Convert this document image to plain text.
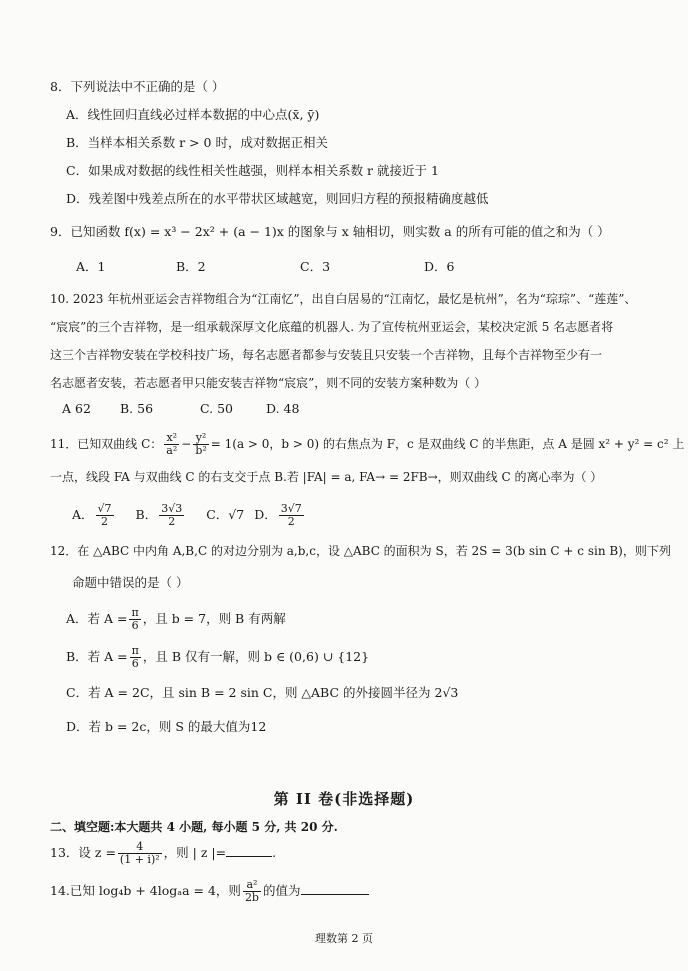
8．下列说法中不正确的是（ ）
A．线性回归直线必过样本数据的中心点(x̄, ȳ)
B．当样本相关系数 r > 0 时，成对数据正相关
C．如果成对数据的线性相关性越强，则样本相关系数 r 就接近于 1
D．残差图中残差点所在的水平带状区域越宽，则回归方程的预报精确度越低
9．已知函数 f(x) = x³ − 2x² + (a − 1)x 的图象与 x 轴相切，则实数 a 的所有可能的值之和为（ ）
A．1	B．2	C．3	D．6
10. 2023 年杭州亚运会吉祥物组合为“江南忆”，出自白居易的“江南忆，最忆是杭州”，名为“琮琮”、“莲莲”、
“宸宸”的三个吉祥物，是一组承载深厚文化底蕴的机器人. 为了宣传杭州亚运会，某校决定派 5 名志愿者将
这三个吉祥物安装在学校科技广场，每名志愿者都参与安装且只安装一个吉祥物，且每个吉祥物至少有一
名志愿者安装，若志愿者甲只能安装吉祥物“宸宸”，则不同的安装方案种数为（ ）
A 62 B. 56	C. 50	D. 48
11．已知双曲线 C： $\frac{\text{x²}}{\text{a²}} - \frac{\text{y²}}{\text{b²}} = 1(a > 0$，b > 0) 的右焦点为 F，c 是双曲线 C 的半焦距，点 A 是圆 x² + y² = c² 上
一点，线段 FA 与双曲线 C 的右支交于点 B.若 |FA| = a, FA→ = 2FB→，则双曲线 C 的离心率为（ ）
A． $\frac{√7}{2}$ B． $\frac{3√3}{2}$ C．√7 D． $\frac{3√7}{2}$
12．在 △ABC 中内角 A,B,C 的对边分别为 a,b,c，设 △ABC 的面积为 S，若 2S = 3(b sin C + c sin B)，则下列
命题中错误的是（ ）
A．若 $A = \frac{\pi}{6}$ ，且 b = 7，则 B 有两解
B．若 $A = \frac{\pi}{6}$ ，且 B 仅有一解，则 b ∈ (0,6) ∪ {12}
C．若 A = 2C，且 sin B = 2 sin C，则 △ABC 的外接圆半径为 2√3
D．若 b = 2c，则 S 的最大值为12
第 II 卷(非选择题)
二、填空题:本大题共 4 小题, 每小题 5 分, 共 20 分.
13．设 $z = \frac{4}{\text{(1 + i)²}}$ ，则 | z |=	.
14.已知 log₄b + 4logₐa = 4，则 $\frac{\text{a²}}{2b}$ 的值为
理数第 2 页
